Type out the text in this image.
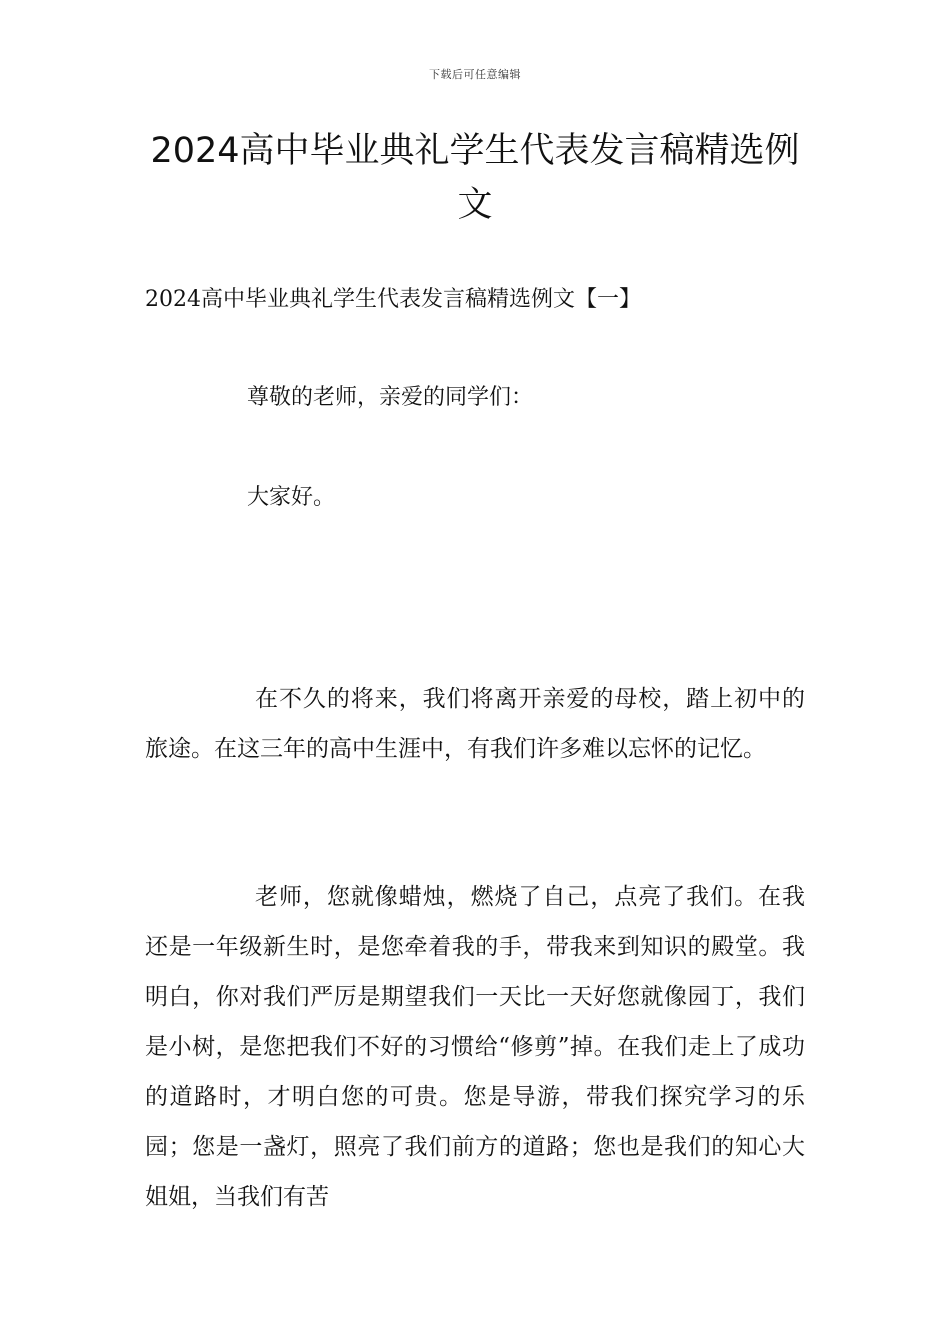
下载后可任意编辑
2024高中毕业典礼学生代表发言稿精选例文

2024高中毕业典礼学生代表发言稿精选例文【一】

尊敬的老师，亲爱的同学们：

大家好。

在不久的将来，我们将离开亲爱的母校，踏上初中的旅途。在这三年的高中生涯中，有我们许多难以忘怀的记忆。

老师，您就像蜡烛，燃烧了自己，点亮了我们。在我还是一年级新生时，是您牵着我的手，带我来到知识的殿堂。我明白，你对我们严厉是期望我们一天比一天好您就像园丁，我们是小树，是您把我们不好的习惯给“修剪”掉。在我们走上了成功的道路时，才明白您的可贵。您是导游，带我们探究学习的乐园；您是一盏灯，照亮了我们前方的道路；您也是我们的知心大姐姐，当我们有苦
